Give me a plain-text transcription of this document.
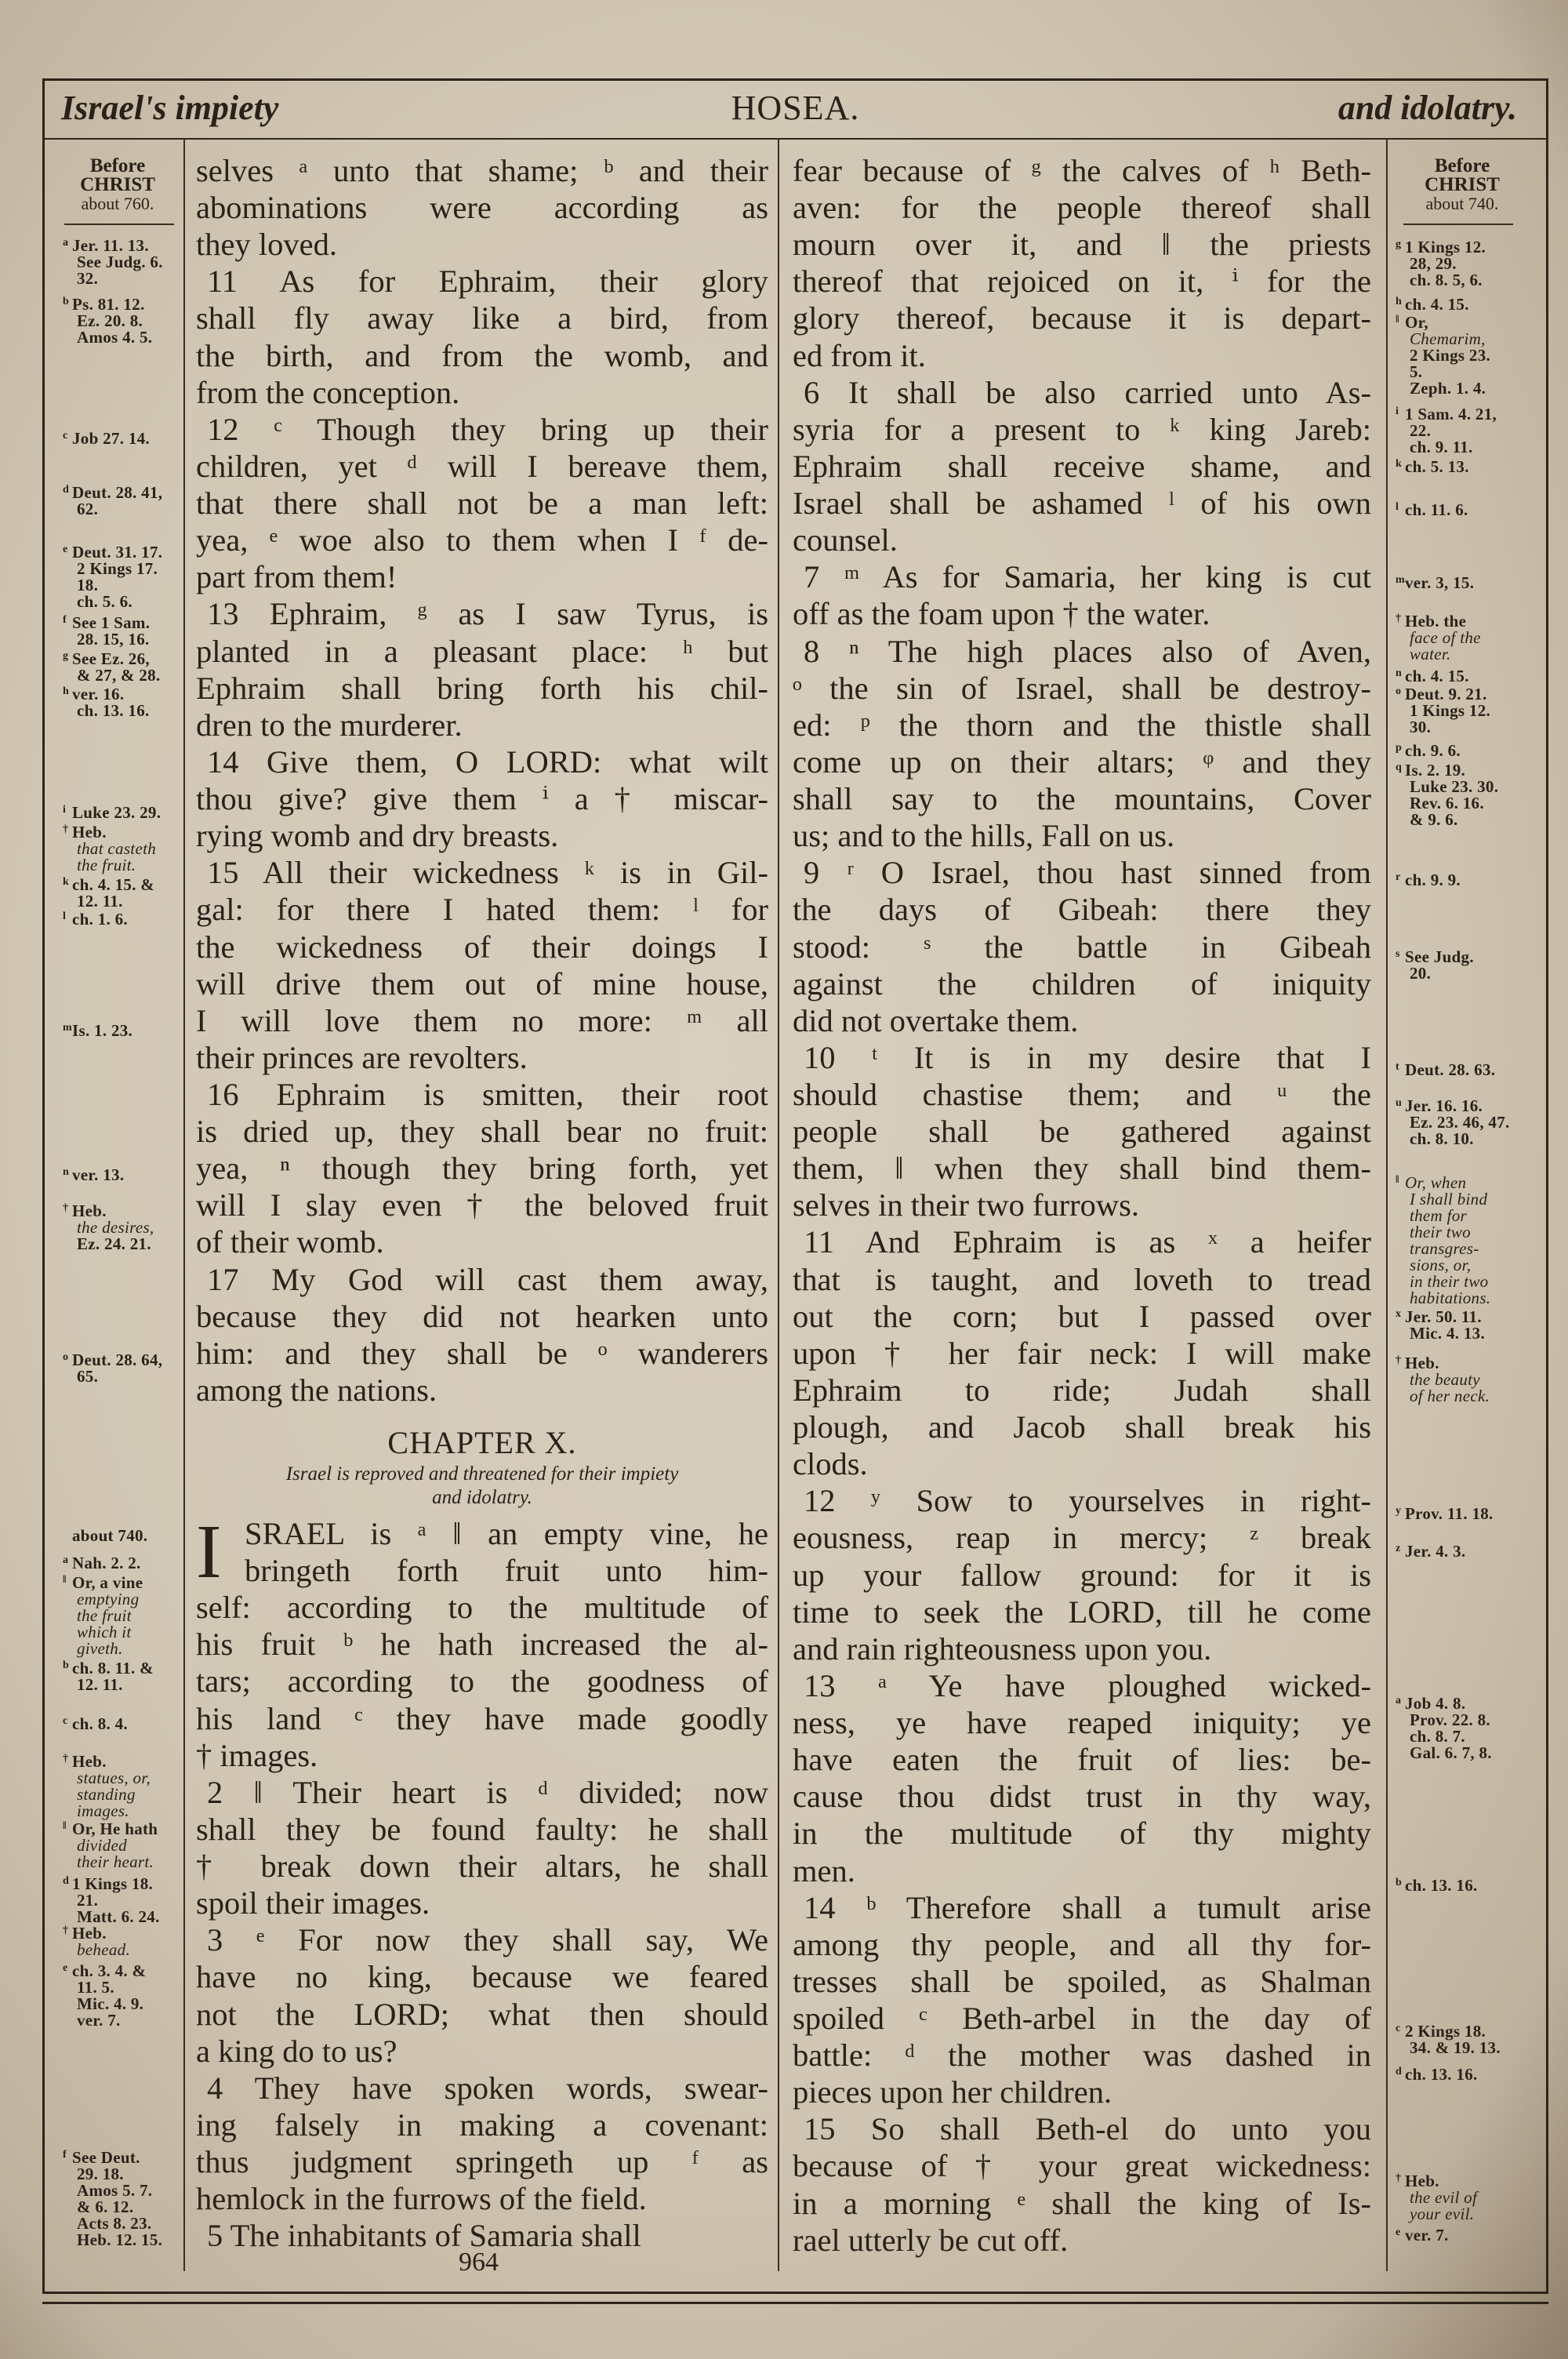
Israel's impiety	HOSEA.	and idolatry.
Before
CHRIST
about 760.
Before
CHRIST
about 740.
selves ᵃ unto that shame; ᵇ and their
abominations were according as
they loved.
11 As for Ephraim, their glory
shall fly away like a bird, from
the birth, and from the womb, and
from the conception.
12 ᶜ Though they bring up their
children, yet ᵈ will I bereave them,
that there shall not be a man left:
yea, ᵉ woe also to them when I ᶠ de-
part from them!
13 Ephraim, ᵍ as I saw Tyrus, is
planted in a pleasant place: ʰ but
Ephraim shall bring forth his chil-
dren to the murderer.
14 Give them, O LORD: what wilt
thou give? give them ⁱ a † miscar-
rying womb and dry breasts.
15 All their wickedness ᵏ is in Gil-
gal: for there I hated them: ˡ for
the wickedness of their doings I
will drive them out of mine house,
I will love them no more: ᵐ all
their princes are revolters.
16 Ephraim is smitten, their root
is dried up, they shall bear no fruit:
yea, ⁿ though they bring forth, yet
will I slay even † the beloved fruit
of their womb.
17 My God will cast them away,
because they did not hearken unto
him: and they shall be ᵒ wanderers
among the nations.
CHAPTER X.
Israel is reproved and threatened for their impiety
and idolatry.
I SRAEL is ᵃ ‖ an empty vine, he
bringeth forth fruit unto him-
self: according to the multitude of
his fruit ᵇ he hath increased the al-
tars; according to the goodness of
his land ᶜ they have made goodly
† images.
2 ‖ Their heart is ᵈ divided; now
shall they be found faulty: he shall
† break down their altars, he shall
spoil their images.
3 ᵉ For now they shall say, We
have no king, because we feared
not the LORD; what then should
a king do to us?
4 They have spoken words, swear-
ing falsely in making a covenant:
thus judgment springeth up ᶠ as
hemlock in the furrows of the field.
5 The inhabitants of Samaria shall
fear because of ᵍ the calves of ʰ Beth-
aven: for the people thereof shall
mourn over it, and ‖ the priests
thereof that rejoiced on it, ⁱ for the
glory thereof, because it is depart-
ed from it.
6 It shall be also carried unto As-
syria for a present to ᵏ king Jareb:
Ephraim shall receive shame, and
Israel shall be ashamed ˡ of his own
counsel.
7 ᵐ As for Samaria, her king is cut
off as the foam upon † the water.
8 ⁿ The high places also of Aven,
ᵒ the sin of Israel, shall be destroy-
ed: ᵖ the thorn and the thistle shall
come up on their altars; ᵠ and they
shall say to the mountains, Cover
us; and to the hills, Fall on us.
9 ʳ O Israel, thou hast sinned from
the days of Gibeah: there they
stood: ˢ the battle in Gibeah
against the children of iniquity
did not overtake them.
10 ᵗ It is in my desire that I
should chastise them; and ᵘ the
people shall be gathered against
them, ‖ when they shall bind them-
selves in their two furrows.
11 And Ephraim is as ˣ a heifer
that is taught, and loveth to tread
out the corn; but I passed over
upon † her fair neck: I will make
Ephraim to ride; Judah shall
plough, and Jacob shall break his
clods.
12 ʸ Sow to yourselves in right-
eousness, reap in mercy; ᶻ break
up your fallow ground: for it is
time to seek the LORD, till he come
and rain righteousness upon you.
13 ᵃ Ye have ploughed wicked-
ness, ye have reaped iniquity; ye
have eaten the fruit of lies: be-
cause thou didst trust in thy way,
in the multitude of thy mighty
men.
14 ᵇ Therefore shall a tumult arise
among thy people, and all thy for-
tresses shall be spoiled, as Shalman
spoiled ᶜ Beth-arbel in the day of
battle: ᵈ the mother was dashed in
pieces upon her children.
15 So shall Beth-el do unto you
because of † your great wickedness:
in a morning ᵉ shall the king of Is-
rael utterly be cut off.
964
a Jer. 11. 13.
See Judg. 6.
32.
b Ps. 81. 12.
Ez. 20. 8.
Amos 4. 5.
c Job 27. 14.
d Deut. 28. 41,
62.
e Deut. 31. 17.
2 Kings 17.
18.
ch. 5. 6.
f See 1 Sam.
28. 15, 16.
g See Ez. 26,
& 27, & 28.
h ver. 16.
ch. 13. 16.
i Luke 23. 29.
† Heb.
that casteth
the fruit.
k ch. 4. 15. &
12. 11.
l ch. 1. 6.
m Is. 1. 23.
n ver. 13.
† Heb.
the desires,
Ez. 24. 21.
o Deut. 28. 64,
65.
about 740.
a Nah. 2. 2.
‖ Or, a vine
emptying
the fruit
which it
giveth.
b ch. 8. 11. &
12. 11.
c ch. 8. 4.
† Heb.
statues, or,
standing
images.
‖ Or, He hath
divided
their heart.
d 1 Kings 18.
21.
Matt. 6. 24.
† Heb.
behead.
e ch. 3. 4. &
11. 5.
Mic. 4. 9.
ver. 7.
f See Deut.
29. 18.
Amos 5. 7.
& 6. 12.
Acts 8. 23.
Heb. 12. 15.
g 1 Kings 12.
28, 29.
ch. 8. 5, 6.
h ch. 4. 15.
‖ Or,
Chemarim,
2 Kings 23.
5.
Zeph. 1. 4.
i 1 Sam. 4. 21,
22.
ch. 9. 11.
k ch. 5. 13.
l ch. 11. 6.
m ver. 3, 15.
† Heb. the
face of the
water.
n ch. 4. 15.
o Deut. 9. 21.
1 Kings 12.
30.
p ch. 9. 6.
q Is. 2. 19.
Luke 23. 30.
Rev. 6. 16.
& 9. 6.
r ch. 9. 9.
s See Judg.
20.
t Deut. 28. 63.
u Jer. 16. 16.
Ez. 23. 46, 47.
ch. 8. 10.
‖ Or, when
I shall bind
them for
their two
transgres-
sions, or,
in their two
habitations.
x Jer. 50. 11.
Mic. 4. 13.
† Heb.
the beauty
of her neck.
y Prov. 11. 18.
z Jer. 4. 3.
a Job 4. 8.
Prov. 22. 8.
ch. 8. 7.
Gal. 6. 7, 8.
b ch. 13. 16.
c 2 Kings 18.
34. & 19. 13.
d ch. 13. 16.
† Heb.
the evil of
your evil.
e ver. 7.
